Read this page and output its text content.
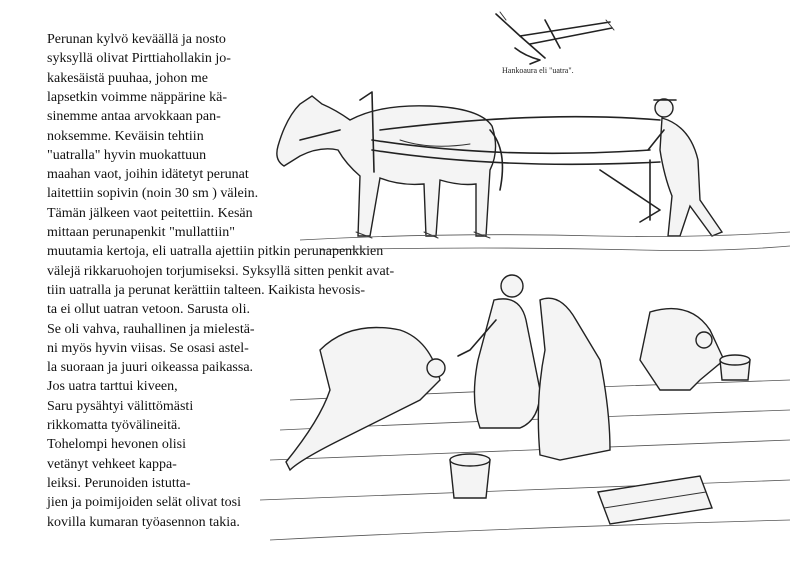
Hankoaura eli "uatra".

Perunan kylvö keväällä ja nosto

syksyllä olivat Pirttiahollakin jo-

kakesäistä puuhaa, johon me

lapsetkin voimme näppärine kä-

sinemme antaa arvokkaan pan-

noksemme. Keväisin tehtiin

"uatralla" hyvin muokattuun

maahan vaot, joihin idätetyt perunat

laitettiin sopivin (noin 30 sm ) välein.

Tämän jälkeen vaot peitettiin. Kesän

mittaan perunapenkit "mullattiin"

muutamia kertoja, eli uatralla ajettiin pitkin perunapenkkien

välejä rikkaruohojen torjumiseksi. Syksyllä sitten penkit avat-

tiin uatralla ja perunat kerättiin talteen. Kaikista hevosis-

ta ei ollut uatran vetoon. Sarusta oli.

Se oli vahva, rauhallinen ja mielestä-

ni myös hyvin viisas. Se osasi astel-

la suoraan ja juuri oikeassa paikassa.

Jos uatra tarttui kiveen,

Saru pysähtyi välittömästi

rikkomatta työvälineitä.

Tohelompi hevonen olisi

vetänyt vehkeet kappa-

leiksi. Perunoiden istutta-

jien ja poimijoiden selät olivat tosi

kovilla kumaran työasennon takia.
